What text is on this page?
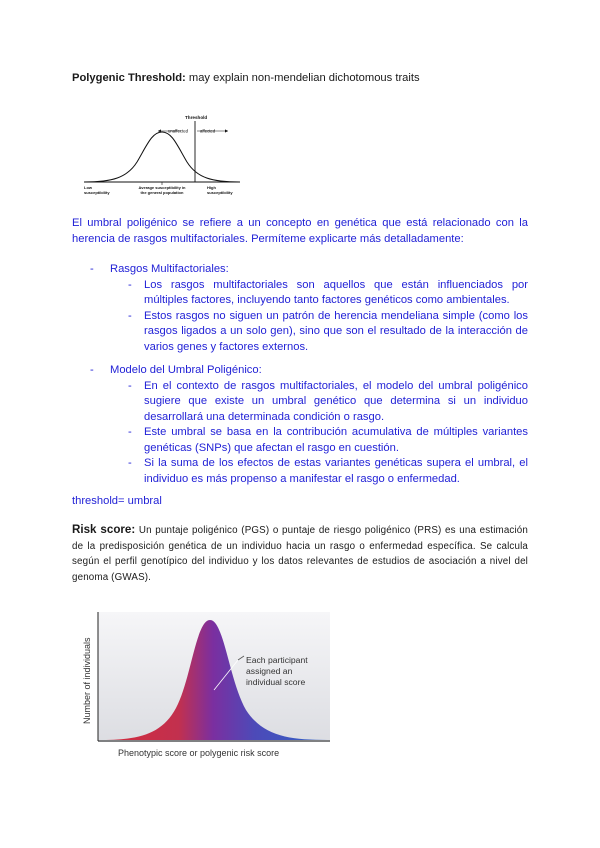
Polygenic Threshold: may explain non-mendelian dichotomous traits
Threshold
unaffected	affected
Low
susceptibility
Average susceptibility in
the general population
High
susceptibility
El umbral poligénico se refiere a un concepto en genética que está relacionado con la herencia de rasgos multifactoriales. Permíteme explicarte más detalladamente:
- Rasgos Multifactoriales:
- Los rasgos multifactoriales son aquellos que están influenciados por múltiples factores, incluyendo tanto factores genéticos como ambientales.
- Estos rasgos no siguen un patrón de herencia mendeliana simple (como los rasgos ligados a un solo gen), sino que son el resultado de la interacción de varios genes y factores externos.
- Modelo del Umbral Poligénico:
- En el contexto de rasgos multifactoriales, el modelo del umbral poligénico sugiere que existe un umbral genético que determina si un individuo desarrollará una determinada condición o rasgo.
- Este umbral se basa en la contribución acumulativa de múltiples variantes genéticas (SNPs) que afectan el rasgo en cuestión.
- Si la suma de los efectos de estas variantes genéticas supera el umbral, el individuo es más propenso a manifestar el rasgo o enfermedad.
threshold= umbral
Risk score: Un puntaje poligénico (PGS) o puntaje de riesgo poligénico (PRS) es una estimación de la predisposición genética de un individuo hacia un rasgo o enfermedad específica. Se calcula según el perfil genotípico del individuo y los datos relevantes de estudios de asociación a nivel del genoma (GWAS).
Each participant
assigned an
individual score
Number of individuals
Phenotypic score or polygenic risk score
